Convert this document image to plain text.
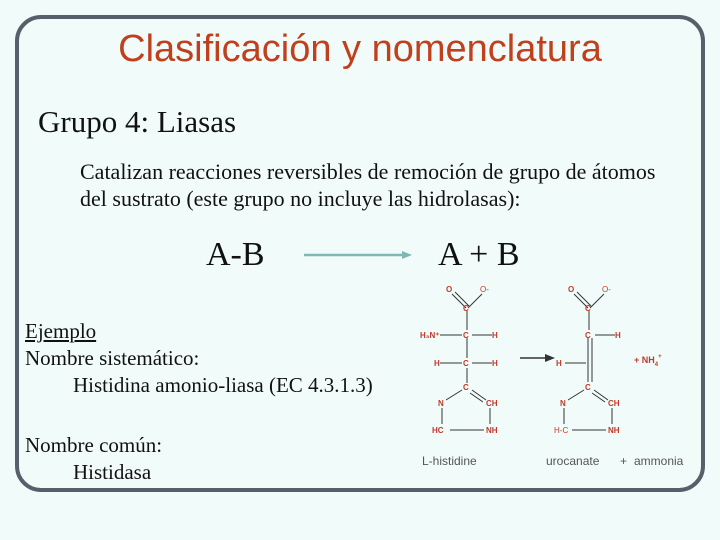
Clasificación y nomenclatura
Grupo 4: Liasas
Catalizan reacciones reversibles de remoción de grupo de átomos del sustrato (este grupo no incluye las hidrolasas):
A-B	A + B
Ejemplo
Nombre sistemático:
Histidina amonio-liasa (EC 4.3.1.3)
Nombre común:
Histidasa
O	O-
C
H₃N⁺	C	H
H	C	H
C
N	CH
HC	NH
O	O-
C
C	H
H
C
N	CH
H-C	NH
+ $NH_4^+$
L-histidine	urocanate + ammonia
